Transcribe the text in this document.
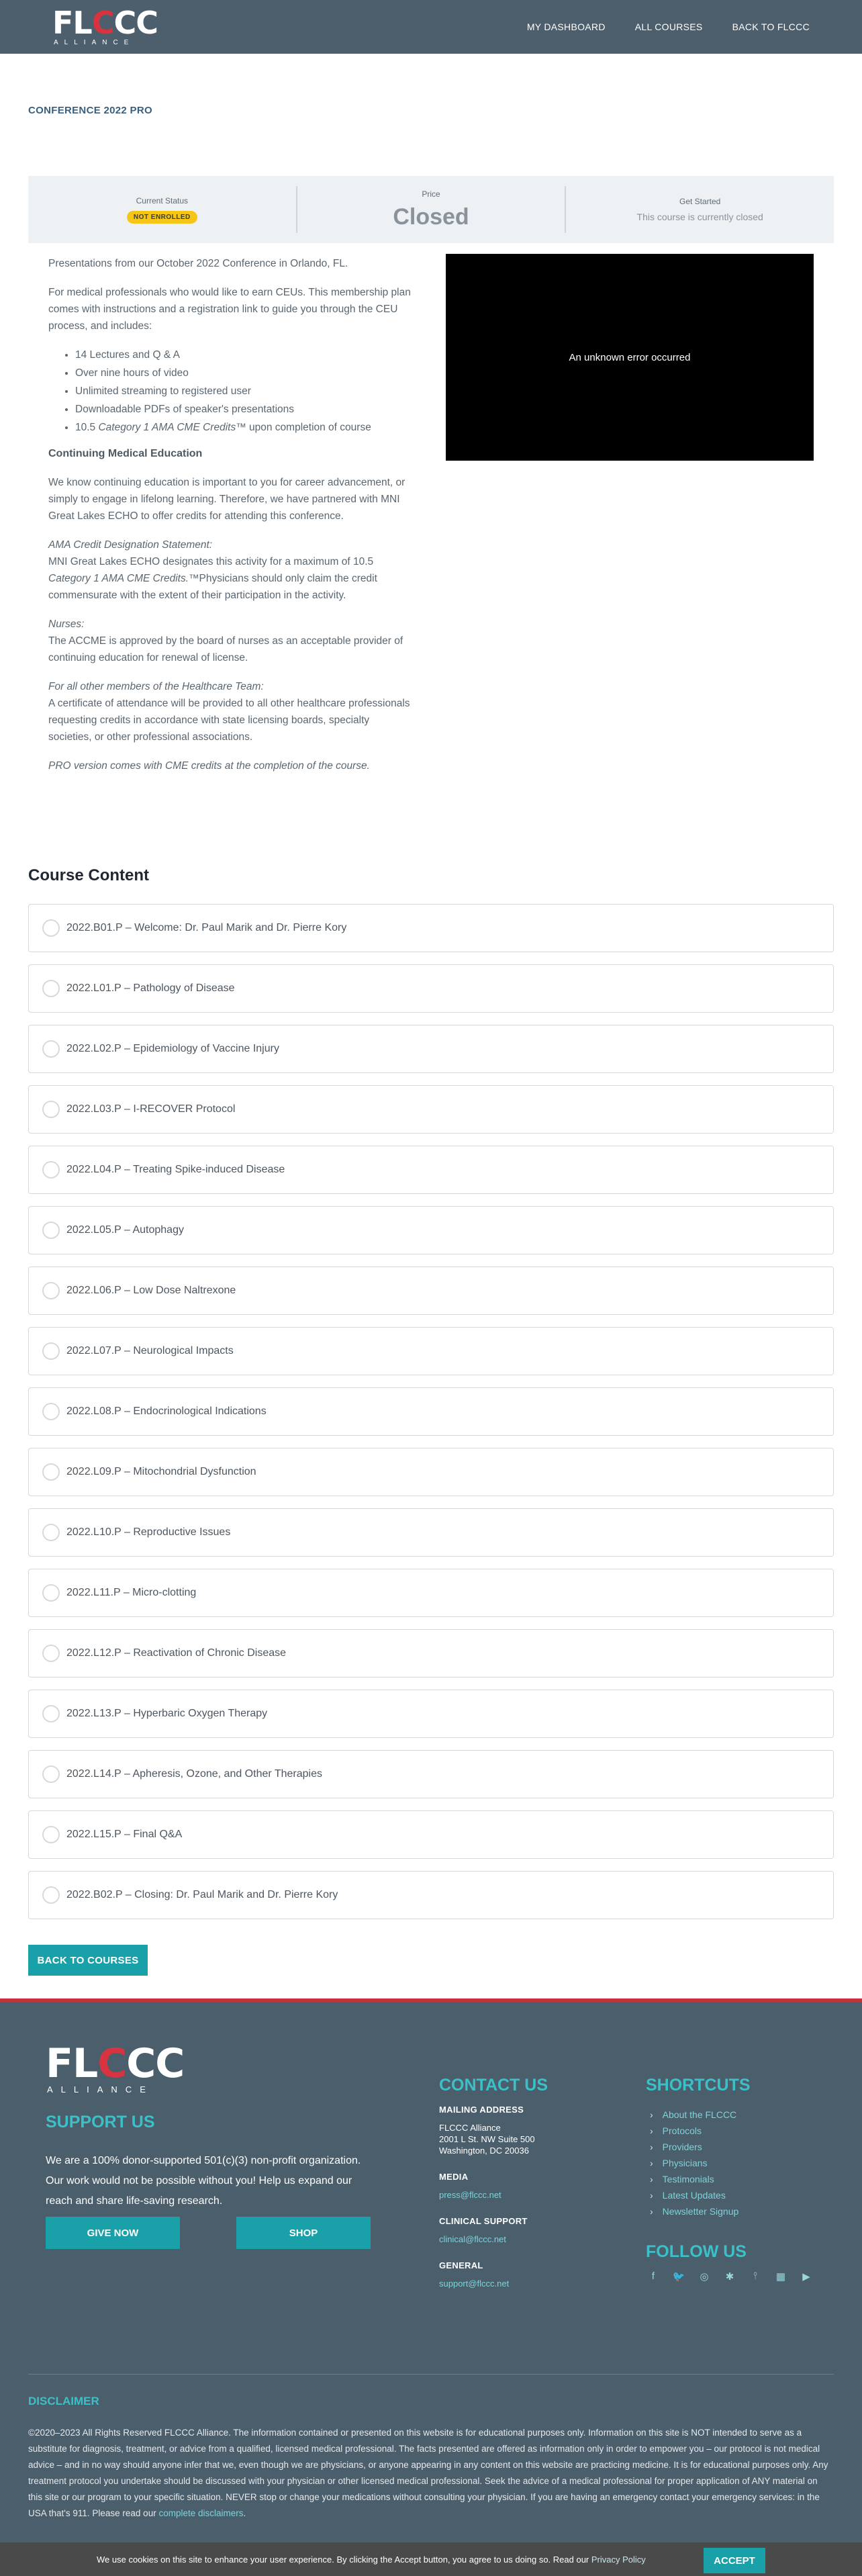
FLCCC
ALLIANCE
MY DASHBOARD	ALL COURSES	BACK TO FLCCC
CONFERENCE 2022 PRO
Current Status
NOT ENROLLED
Price
Closed
Get Started
This course is currently closed

Presentations from our October 2022 Conference in Orlando, FL.

For medical professionals who would like to earn CEUs. This membership plan comes with instructions and a registration link to guide you through the CEU process, and includes:

• 14 Lectures and Q & A
• Over nine hours of video
• Unlimited streaming to registered user
• Downloadable PDFs of speaker's presentations
• 10.5 Category 1 AMA CME Credits™ upon completion of course
Continuing Medical Education

We know continuing education is important to you for career advancement, or simply to engage in lifelong learning. Therefore, we have partnered with MNI Great Lakes ECHO to offer credits for attending this conference.

AMA Credit Designation Statement:
MNI Great Lakes ECHO designates this activity for a maximum of 10.5 Category 1 AMA CME Credits.™Physicians should only claim the credit commensurate with the extent of their participation in the activity.

Nurses:
The ACCME is approved by the board of nurses as an acceptable provider of continuing education for renewal of license.

For all other members of the Healthcare Team:
A certificate of attendance will be provided to all other healthcare professionals requesting credits in accordance with state licensing boards, specialty societies, or other professional associations.

PRO version comes with CME credits at the completion of the course.

An unknown error occurred
Course Content
2022.B01.P – Welcome: Dr. Paul Marik and Dr. Pierre Kory
2022.L01.P – Pathology of Disease
2022.L02.P – Epidemiology of Vaccine Injury
2022.L03.P – I-RECOVER Protocol
2022.L04.P – Treating Spike-induced Disease
2022.L05.P – Autophagy
2022.L06.P – Low Dose Naltrexone
2022.L07.P – Neurological Impacts
2022.L08.P – Endocrinological Indications
2022.L09.P – Mitochondrial Dysfunction
2022.L10.P – Reproductive Issues
2022.L11.P – Micro-clotting
2022.L12.P – Reactivation of Chronic Disease
2022.L13.P – Hyperbaric Oxygen Therapy
2022.L14.P – Apheresis, Ozone, and Other Therapies
2022.L15.P – Final Q&A
2022.B02.P – Closing: Dr. Paul Marik and Dr. Pierre Kory
BACK TO COURSES
FLCCC
ALLIANCE
SUPPORT US
We are a 100% donor-supported 501(c)(3) non-profit organization. Our work would not be possible without you! Help us expand our reach and share life-saving research.
GIVE NOW	SHOP
CONTACT US
MAILING ADDRESS
FLCCC Alliance
2001 L St. NW Suite 500
Washington, DC 20036
MEDIA
press@flccc.net
CLINICAL SUPPORT
clinical@flccc.net
GENERAL
support@flccc.net
SHORTCUTS
› About the FLCCC
› Protocols
› Providers
› Physicians
› Testimonials
› Latest Updates
› Newsletter Signup
FOLLOW US
f	🐦 ◎	✱	⫯	▦	▶
DISCLAIMER
©2020–2023 All Rights Reserved FLCCC Alliance. The information contained or presented on this website is for educational purposes only. Information on this site is NOT intended to serve as a substitute for diagnosis, treatment, or advice from a qualified, licensed medical professional. The facts presented are offered as information only in order to empower you – our protocol is not medical advice – and in no way should anyone infer that we, even though we are physicians, or anyone appearing in any content on this website are practicing medicine. It is for educational purposes only. Any treatment protocol you undertake should be discussed with your physician or other licensed medical professional. Seek the advice of a medical professional for proper application of ANY material on this site or our program to your specific situation. NEVER stop or change your medications without consulting your physician. If you are having an emergency contact your emergency services: in the USA that's 911. Please read our complete disclaimers.
We use cookies on this site to enhance your user experience. By clicking the Accept button, you agree to us doing so. Read our Privacy Policy	ACCEPT
